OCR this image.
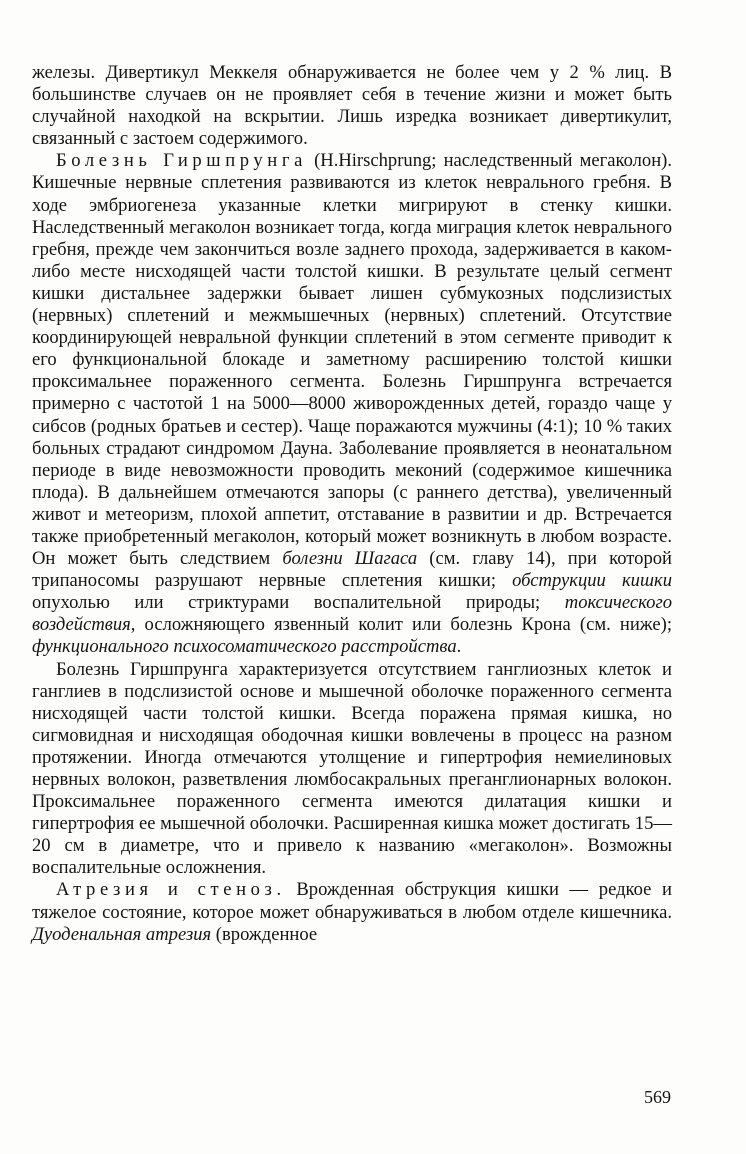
железы. Дивертикул Меккеля обнаруживается не более чем у 2 % лиц. В большинстве случаев он не проявляет себя в течение жизни и может быть случайной находкой на вскрытии. Лишь изредка возникает дивертикулит, связанный с застоем содержимого.

Болезнь Гиршпрунга (H.Hirschprung; наследственный мегаколон). Кишечные нервные сплетения развиваются из клеток неврального гребня. В ходе эмбриогенеза указанные клетки мигрируют в стенку кишки. Наследственный мегаколон возникает тогда, когда миграция клеток неврального гребня, прежде чем закончиться возле заднего прохода, задерживается в каком-либо месте нисходящей части толстой кишки. В результате целый сегмент кишки дистальнее задержки бывает лишен субмукозных подслизистых (нервных) сплетений и межмышечных (нервных) сплетений. Отсутствие координирующей невральной функции сплетений в этом сегменте приводит к его функциональной блокаде и заметному расширению толстой кишки проксимальнее пораженного сегмента. Болезнь Гиршпрунга встречается примерно с частотой 1 на 5000—8000 живорожденных детей, гораздо чаще у сибсов (родных братьев и сестер). Чаще поражаются мужчины (4:1); 10 % таких больных страдают синдромом Дауна. Заболевание проявляется в неонатальном периоде в виде невозможности проводить меконий (содержимое кишечника плода). В дальнейшем отмечаются запоры (с раннего детства), увеличенный живот и метеоризм, плохой аппетит, отставание в развитии и др. Встречается также приобретенный мегаколон, который может возникнуть в любом возрасте. Он может быть следствием болезни Шагаса (см. главу 14), при которой трипаносомы разрушают нервные сплетения кишки; обструкции кишки опухолью или стриктурами воспалительной природы; токсического воздействия, осложняющего язвенный колит или болезнь Крона (см. ниже); функционального психосоматического расстройства.

Болезнь Гиршпрунга характеризуется отсутствием ганглиозных клеток и ганглиев в подслизистой основе и мышечной оболочке пораженного сегмента нисходящей части толстой кишки. Всегда поражена прямая кишка, но сигмовидная и нисходящая ободочная кишки вовлечены в процесс на разном протяжении. Иногда отмечаются утолщение и гипертрофия немиелиновых нервных волокон, разветвления люмбосакральных преганглионарных волокон. Проксимальнее пораженного сегмента имеются дилатация кишки и гипертрофия ее мышечной оболочки. Расширенная кишка может достигать 15—20 см в диаметре, что и привело к названию «мегаколон». Возможны воспалительные осложнения.

Атрезия и стеноз. Врожденная обструкция кишки — редкое и тяжелое состояние, которое может обнаруживаться в любом отделе кишечника. Дуоденальная атрезия (врожденное

569
